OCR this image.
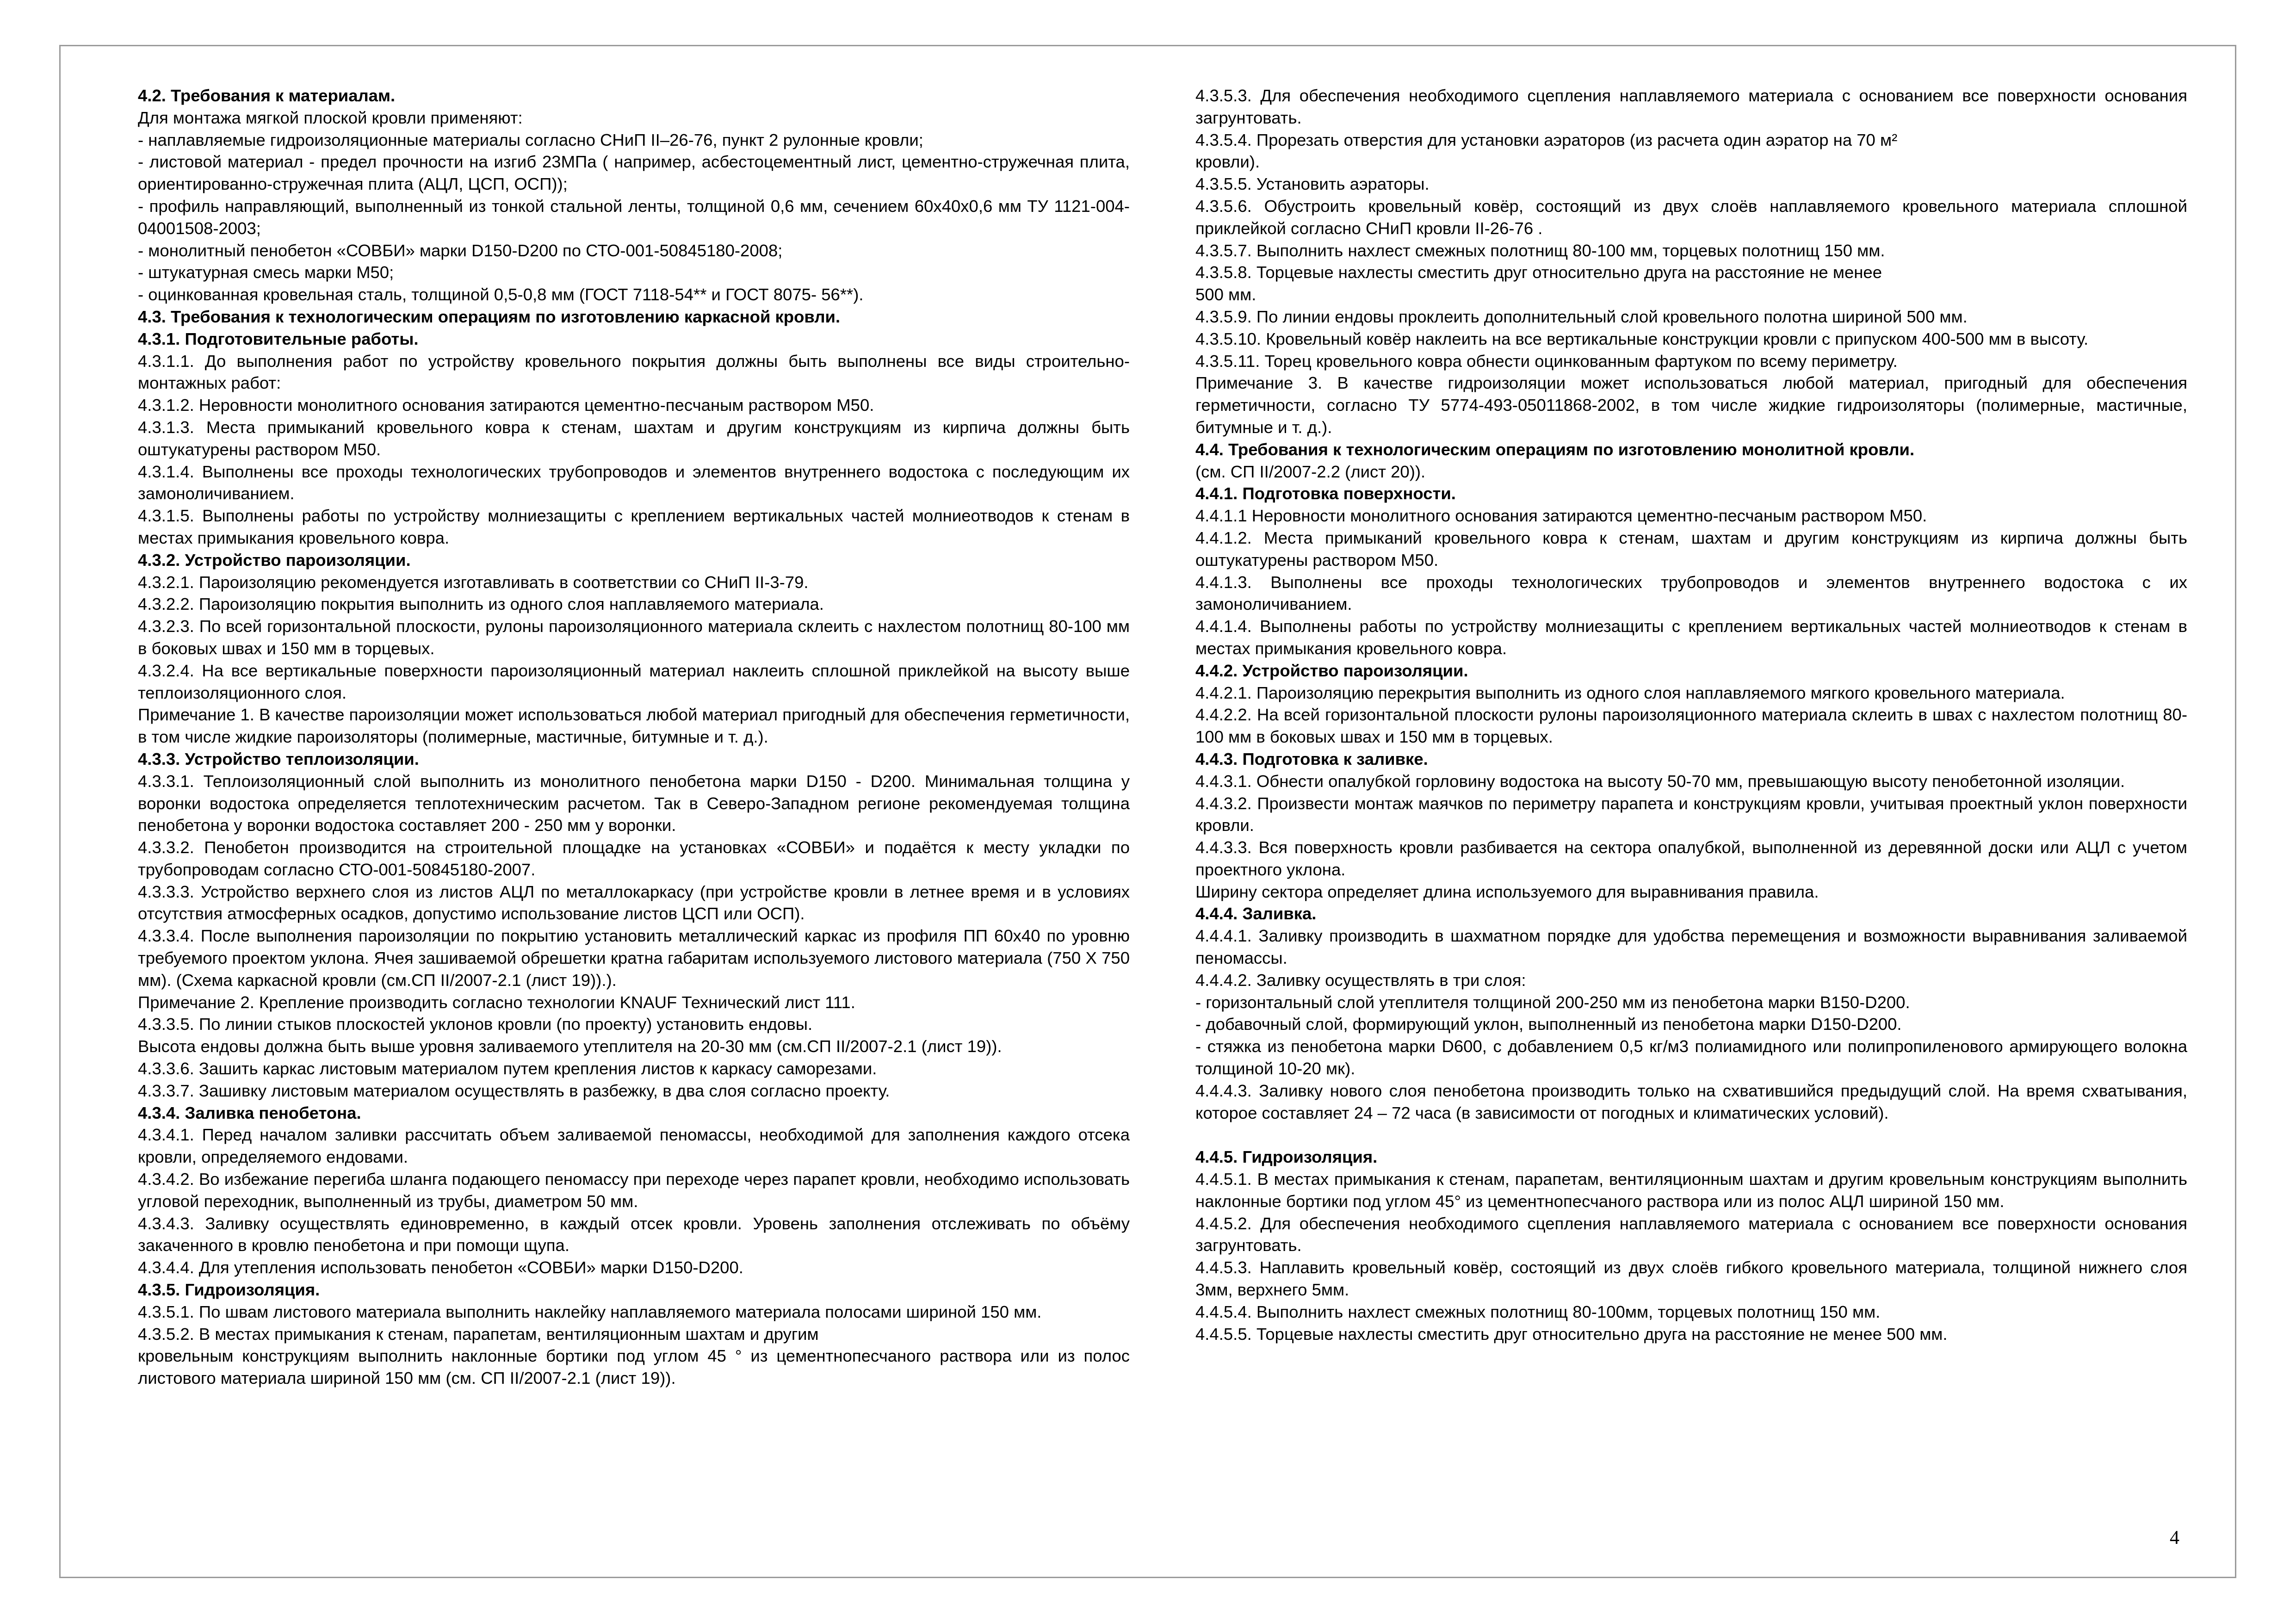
4.2. Требования к материалам.

Для монтажа мягкой плоской кровли применяют:

- наплавляемые гидроизоляционные материалы согласно СНиП II–26-76, пункт 2 рулонные кровли;

- листовой материал - предел прочности на изгиб 23МПа ( например, асбестоцементный лист, цементно-стружечная плита, ориентированно-стружечная плита (АЦЛ, ЦСП, ОСП));

- профиль направляющий, выполненный из тонкой стальной ленты, толщиной 0,6 мм, сечением 60x40x0,6 мм ТУ 1121-004-04001508-2003;

- монолитный пенобетон «СОВБИ» марки D150-D200 по СТО-001-50845180-2008;

- штукатурная смесь марки М50;

- оцинкованная кровельная сталь, толщиной 0,5-0,8 мм (ГОСТ 7118-54** и ГОСТ 8075- 56**).

4.3. Требования к технологическим операциям по изготовлению каркасной кровли.

4.3.1. Подготовительные работы.

4.3.1.1. До выполнения работ по устройству кровельного покрытия должны быть выполнены все виды строительно-монтажных работ:

4.3.1.2. Неровности монолитного основания затираются цементно-песчаным раствором М50.

4.3.1.3. Места примыканий кровельного ковра к стенам, шахтам и другим конструкциям из кирпича должны быть оштукатурены раствором М50.

4.3.1.4. Выполнены все проходы технологических трубопроводов и элементов внутреннего водостока с последующим их замоноличиванием.

4.3.1.5. Выполнены работы по устройству молниезащиты с креплением вертикальных частей молниеотводов к стенам в местах примыкания кровельного ковра.

4.3.2. Устройство пароизоляции.

4.3.2.1. Пароизоляцию рекомендуется изготавливать в соответствии со СНиП II-3-79.

4.3.2.2. Пароизоляцию покрытия выполнить из одного слоя наплавляемого материала.

4.3.2.3. По всей горизонтальной плоскости, рулоны пароизоляционного материала склеить с нахлестом полотнищ 80-100 мм в боковых швах и 150 мм в торцевых.

4.3.2.4. На все вертикальные поверхности пароизоляционный материал наклеить сплошной приклейкой на высоту выше теплоизоляционного слоя.

Примечание 1. В качестве пароизоляции может использоваться любой материал пригодный для обеспечения герметичности, в том числе жидкие пароизоляторы (полимерные, мастичные, битумные и т. д.).

4.3.3. Устройство теплоизоляции.

4.3.3.1. Теплоизоляционный слой выполнить из монолитного пенобетона марки D150 - D200. Минимальная толщина у воронки водостока определяется теплотехническим расчетом. Так в Северо-Западном регионе рекомендуемая толщина пенобетона у воронки водостока составляет 200 - 250 мм у воронки.

4.3.3.2. Пенобетон производится на строительной площадке на установках «СОВБИ» и подаётся к месту укладки по трубопроводам согласно СТО-001-50845180-2007.

4.3.3.3. Устройство верхнего слоя из листов АЦЛ по металлокаркасу (при устройстве кровли в летнее время и в условиях отсутствия атмосферных осадков, допустимо использование листов ЦСП или ОСП).

4.3.3.4. После выполнения пароизоляции по покрытию установить металлический каркас из профиля ПП 60x40 по уровню требуемого проектом уклона. Ячея зашиваемой обрешетки кратна габаритам используемого листового материала (750 X 750 мм). (Схема каркасной кровли (см.СП II/2007-2.1 (лист 19)).).

Примечание 2. Крепление производить согласно технологии KNAUF Технический лист 111.

4.3.3.5. По линии стыков плоскостей уклонов кровли (по проекту) установить ендовы.

Высота ендовы должна быть выше уровня заливаемого утеплителя на 20-30 мм (см.СП II/2007-2.1 (лист 19)).

4.3.3.6. Зашить каркас листовым материалом путем крепления листов к каркасу саморезами.

4.3.3.7. Зашивку листовым материалом осуществлять в разбежку, в два слоя согласно проекту.

4.3.4. Заливка пенобетона.

4.3.4.1. Перед началом заливки рассчитать объем заливаемой пеномассы, необходимой для заполнения каждого отсека кровли, определяемого ендовами.

4.3.4.2. Во избежание перегиба шланга подающего пеномассу при переходе через парапет кровли, необходимо использовать угловой переходник, выполненный из трубы, диаметром 50 мм.

4.3.4.3. Заливку осуществлять единовременно, в каждый отсек кровли. Уровень заполнения отслеживать по объёму закаченного в кровлю пенобетона и при помощи щупа.

4.3.4.4. Для утепления использовать пенобетон «СОВБИ» марки D150-D200.

4.3.5. Гидроизоляция.

4.3.5.1. По швам листового материала выполнить наклейку наплавляемого материала полосами шириной 150 мм.

4.3.5.2. В местах примыкания к стенам, парапетам, вентиляционным шахтам и другим

кровельным конструкциям выполнить наклонные бортики под углом 45 ° из цементнопесчаного раствора или из полос листового материала шириной 150 мм (см. СП II/2007-2.1 (лист 19)).

4.3.5.3. Для обеспечения необходимого сцепления наплавляемого материала с основанием все поверхности основания загрунтовать.

4.3.5.4. Прорезать отверстия для установки аэраторов (из расчета один аэратор на 70 м²

кровли).

4.3.5.5. Установить аэраторы.

4.3.5.6. Обустроить кровельный ковёр, состоящий из двух слоёв наплавляемого кровельного материала сплошной приклейкой согласно СНиП кровли II-26-76 .

4.3.5.7. Выполнить нахлест смежных полотнищ 80-100 мм, торцевых полотнищ 150 мм.

4.3.5.8. Торцевые нахлесты сместить друг относительно друга на расстояние не менее

500 мм.

4.3.5.9. По линии ендовы проклеить дополнительный слой кровельного полотна шириной 500 мм.

4.3.5.10. Кровельный ковёр наклеить на все вертикальные конструкции кровли с припуском 400-500 мм в высоту.

4.3.5.11. Торец кровельного ковра обнести оцинкованным фартуком по всему периметру.

Примечание 3. В качестве гидроизоляции может использоваться любой материал, пригодный для обеспечения герметичности, согласно ТУ 5774-493-05011868-2002, в том числе жидкие гидроизоляторы (полимерные, мастичные, битумные и т. д.).

4.4. Требования к технологическим операциям по изготовлению монолитной кровли.

(см. СП II/2007-2.2 (лист 20)).

4.4.1. Подготовка поверхности.

4.4.1.1 Неровности монолитного основания затираются цементно-песчаным раствором М50.

4.4.1.2. Места примыканий кровельного ковра к стенам, шахтам и другим конструкциям из кирпича должны быть оштукатурены раствором М50.

4.4.1.3. Выполнены все проходы технологических трубопроводов и элементов внутреннего водостока с их замоноличиванием.

4.4.1.4. Выполнены работы по устройству молниезащиты с креплением вертикальных частей молниеотводов к стенам в местах примыкания кровельного ковра.

4.4.2. Устройство пароизоляции.

4.4.2.1. Пароизоляцию перекрытия выполнить из одного слоя наплавляемого мягкого кровельного материала.

4.4.2.2. На всей горизонтальной плоскости рулоны пароизоляционного материала склеить в швах с нахлестом полотнищ 80-100 мм в боковых швах и 150 мм в торцевых.

4.4.3. Подготовка к заливке.

4.4.3.1. Обнести опалубкой горловину водостока на высоту 50-70 мм, превышающую высоту пенобетонной изоляции.

4.4.3.2. Произвести монтаж маячков по периметру парапета и конструкциям кровли, учитывая проектный уклон поверхности кровли.

4.4.3.3. Вся поверхность кровли разбивается на сектора опалубкой, выполненной из деревянной доски или АЦЛ с учетом проектного уклона.

Ширину сектора определяет длина используемого для выравнивания правила.

4.4.4. Заливка.

4.4.4.1. Заливку производить в шахматном порядке для удобства перемещения и возможности выравнивания заливаемой пеномассы.

4.4.4.2. Заливку осуществлять в три слоя:

- горизонтальный слой утеплителя толщиной 200-250 мм из пенобетона марки В150-D200.

- добавочный слой, формирующий уклон, выполненный из пенобетона марки D150-D200.

- стяжка из пенобетона марки D600, с добавлением 0,5 кг/м3 полиамидного или полипропиленового армирующего волокна толщиной 10-20 мк).

4.4.4.3. Заливку нового слоя пенобетона производить только на схватившийся предыдущий слой. На время схватывания, которое составляет 24 – 72 часа (в зависимости от погодных и климатических условий).

4.4.5. Гидроизоляция.

4.4.5.1. В местах примыкания к стенам, парапетам, вентиляционным шахтам и другим кровельным конструкциям выполнить наклонные бортики под углом 45° из цементнопесчаного раствора или из полос АЦЛ шириной 150 мм.

4.4.5.2. Для обеспечения необходимого сцепления наплавляемого материала с основанием все поверхности основания загрунтовать.

4.4.5.3. Наплавить кровельный ковёр, состоящий из двух слоёв гибкого кровельного материала, толщиной нижнего слоя 3мм, верхнего 5мм.

4.4.5.4. Выполнить нахлест смежных полотнищ 80-100мм, торцевых полотнищ 150 мм.

4.4.5.5. Торцевые нахлесты сместить друг относительно друга на расстояние не менее 500 мм.

4
